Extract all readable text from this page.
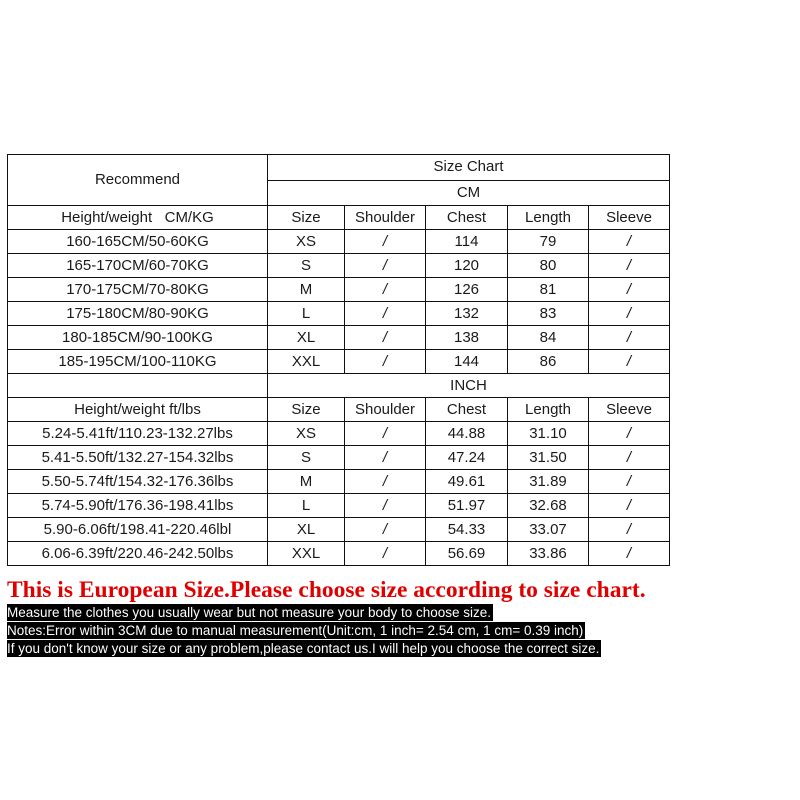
Recommend	Size Chart				
	CM				
Height/weight   CM/KG	Size	Shoulder	Chest	Length	Sleeve
160-165CM/50-60KG	XS	/	114	79	/
165-170CM/60-70KG	S	/	120	80	/
170-175CM/70-80KG	M	/	126	81	/
175-180CM/80-90KG	L	/	132	83	/
180-185CM/90-100KG	XL	/	138	84	/
185-195CM/100-110KG	XXL	/	144	86	/
	INCH				
Height/weight ft/lbs	Size	Shoulder	Chest	Length	Sleeve
5.24-5.41ft/110.23-132.27lbs	XS	/	44.88	31.10	/
5.41-5.50ft/132.27-154.32lbs	S	/	47.24	31.50	/
5.50-5.74ft/154.32-176.36lbs	M	/	49.61	31.89	/
5.74-5.90ft/176.36-198.41lbs	L	/	51.97	32.68	/
5.90-6.06ft/198.41-220.46lbl	XL	/	54.33	33.07	/
6.06-6.39ft/220.46-242.50lbs	XXL	/	56.69	33.86	/
This is European Size.Please choose size according to size chart.
Measure the clothes you usually wear but not measure your body to choose size.
Notes:Error within 3CM due to manual measurement(Unit:cm, 1 inch= 2.54 cm, 1 cm= 0.39 inch)
If you don't know your size or any problem,please contact us.I will help you choose the correct size.
